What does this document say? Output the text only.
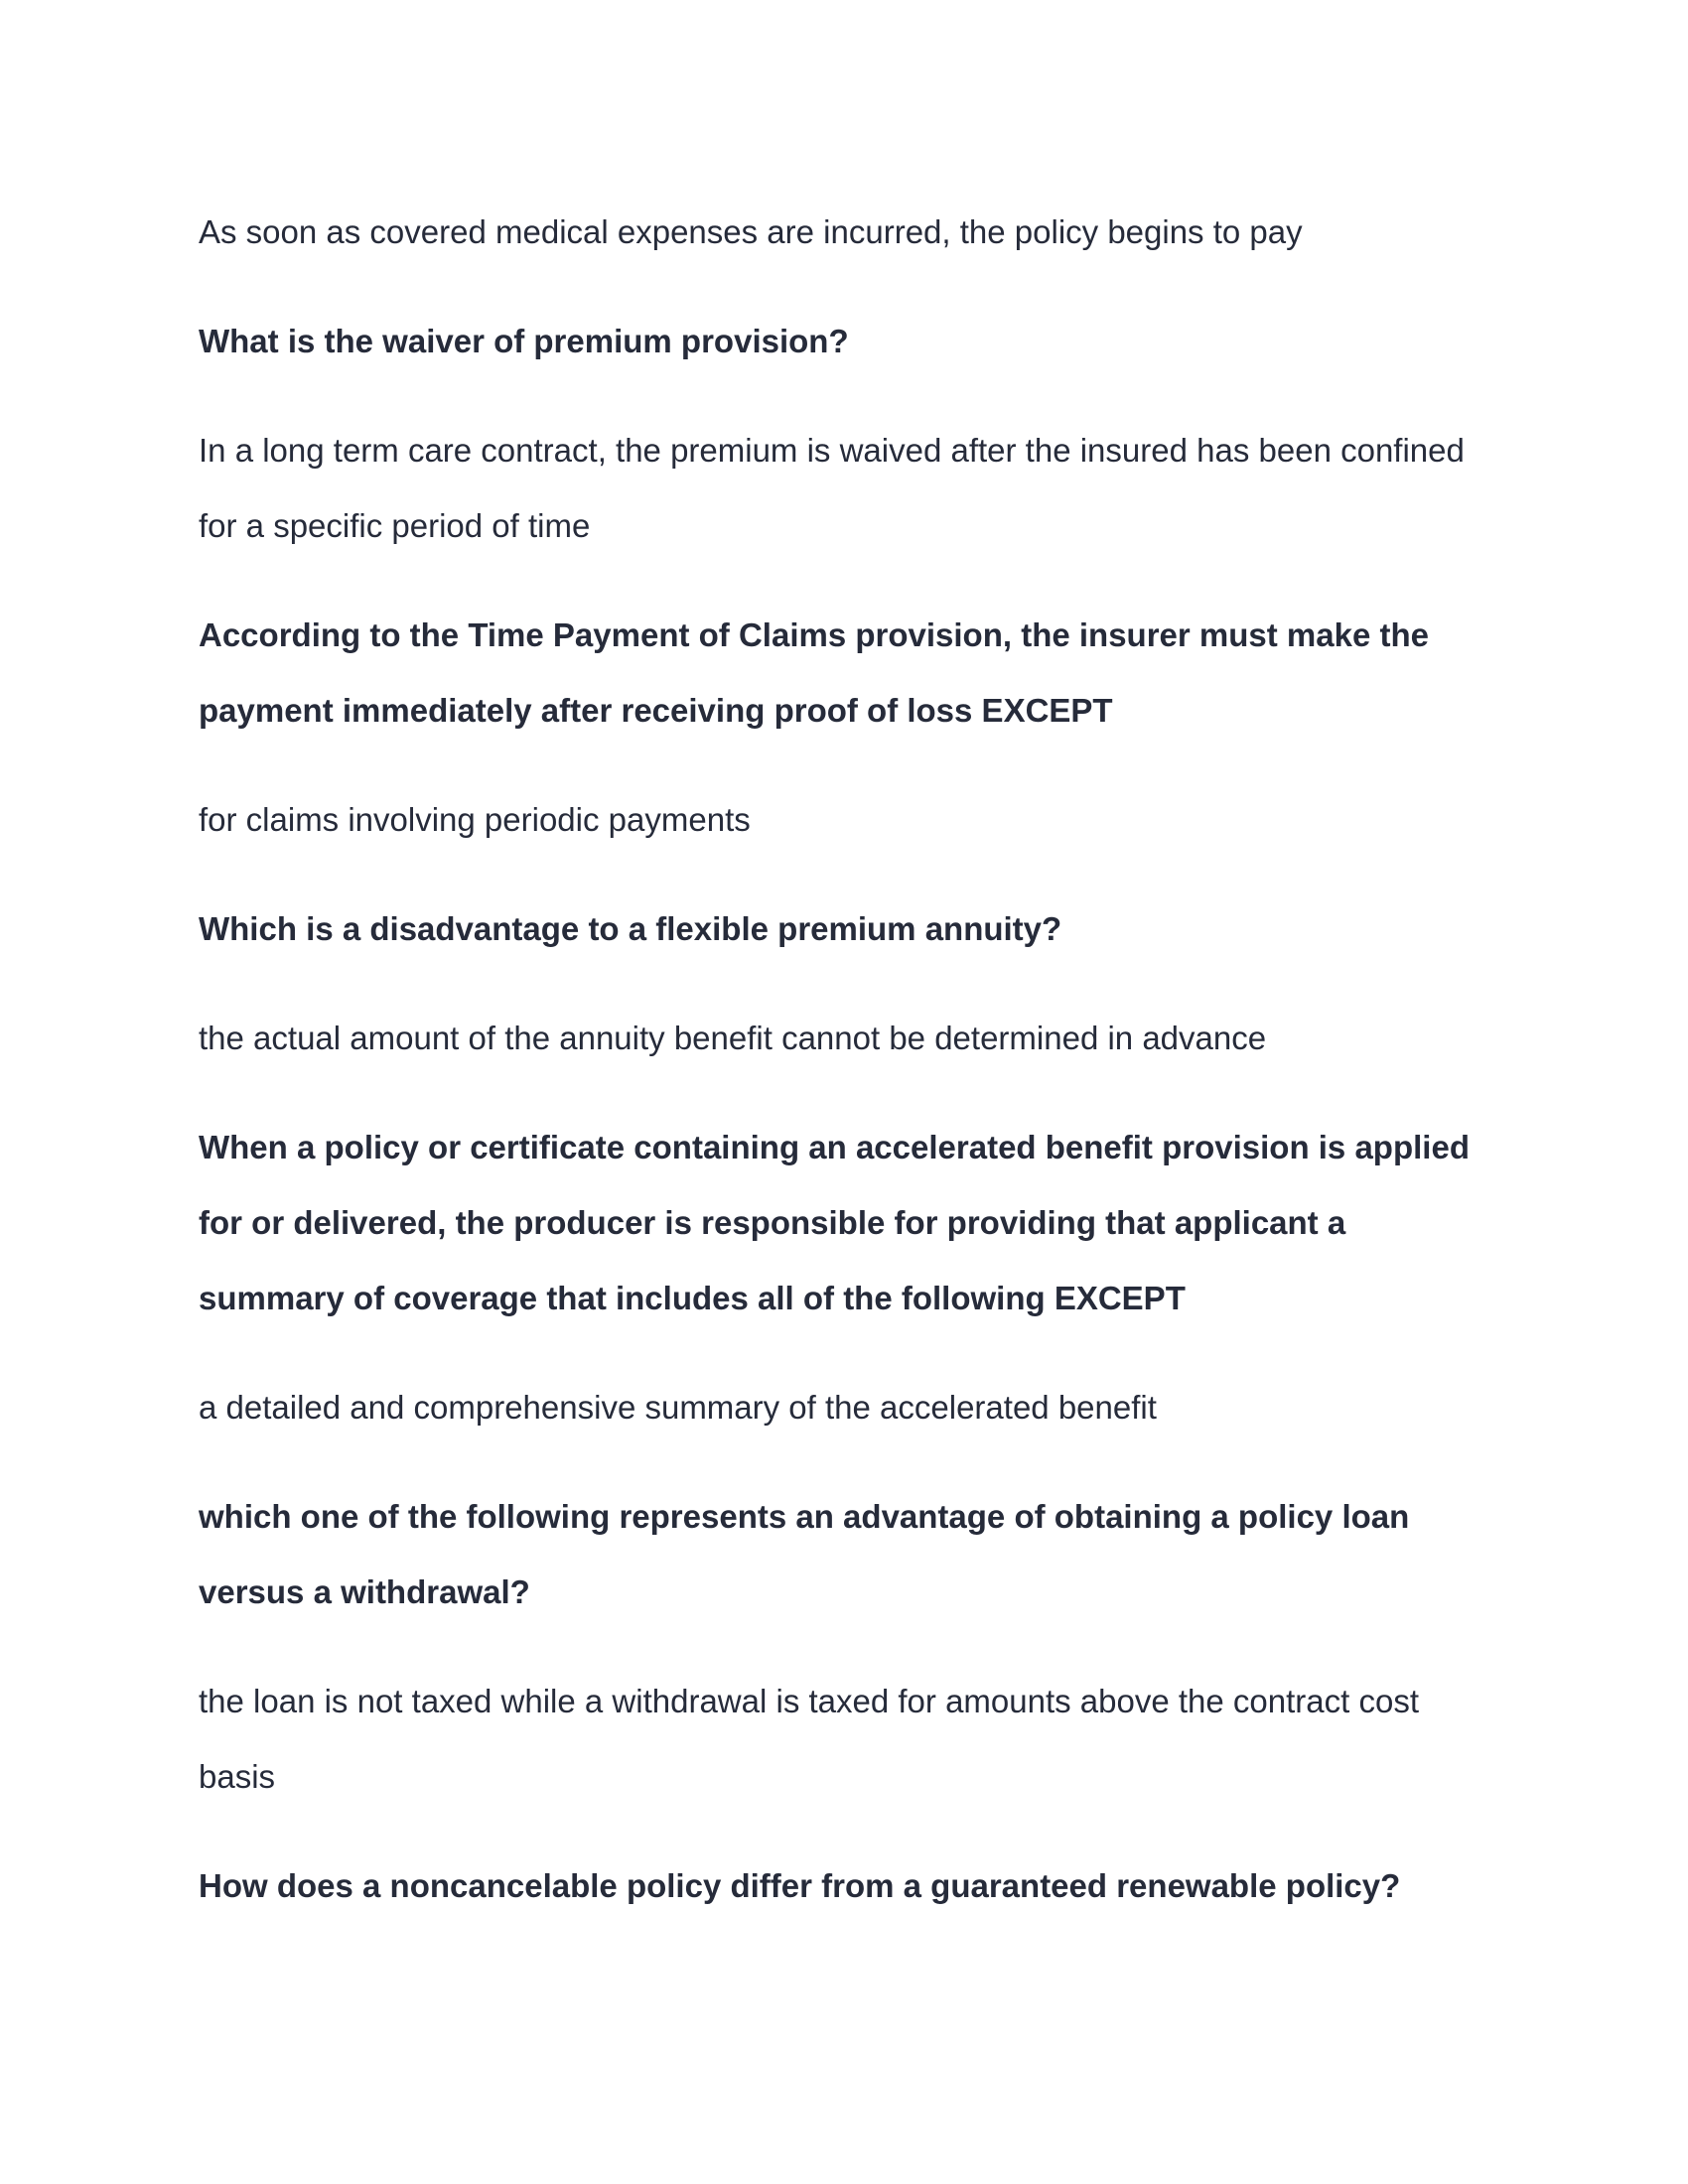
As soon as covered medical expenses are incurred, the policy begins to pay

What is the waiver of premium provision?

In a long term care contract, the premium is waived after the insured has been confined for a specific period of time

According to the Time Payment of Claims provision, the insurer must make the payment immediately after receiving proof of loss EXCEPT

for claims involving periodic payments

Which is a disadvantage to a flexible premium annuity?

the actual amount of the annuity benefit cannot be determined in advance

When a policy or certificate containing an accelerated benefit provision is applied for or delivered, the producer is responsible for providing that applicant a summary of coverage that includes all of the following EXCEPT

a detailed and comprehensive summary of the accelerated benefit

which one of the following represents an advantage of obtaining a policy loan versus a withdrawal?

the loan is not taxed while a withdrawal is taxed for amounts above the contract cost basis

How does a noncancelable policy differ from a guaranteed renewable policy?
